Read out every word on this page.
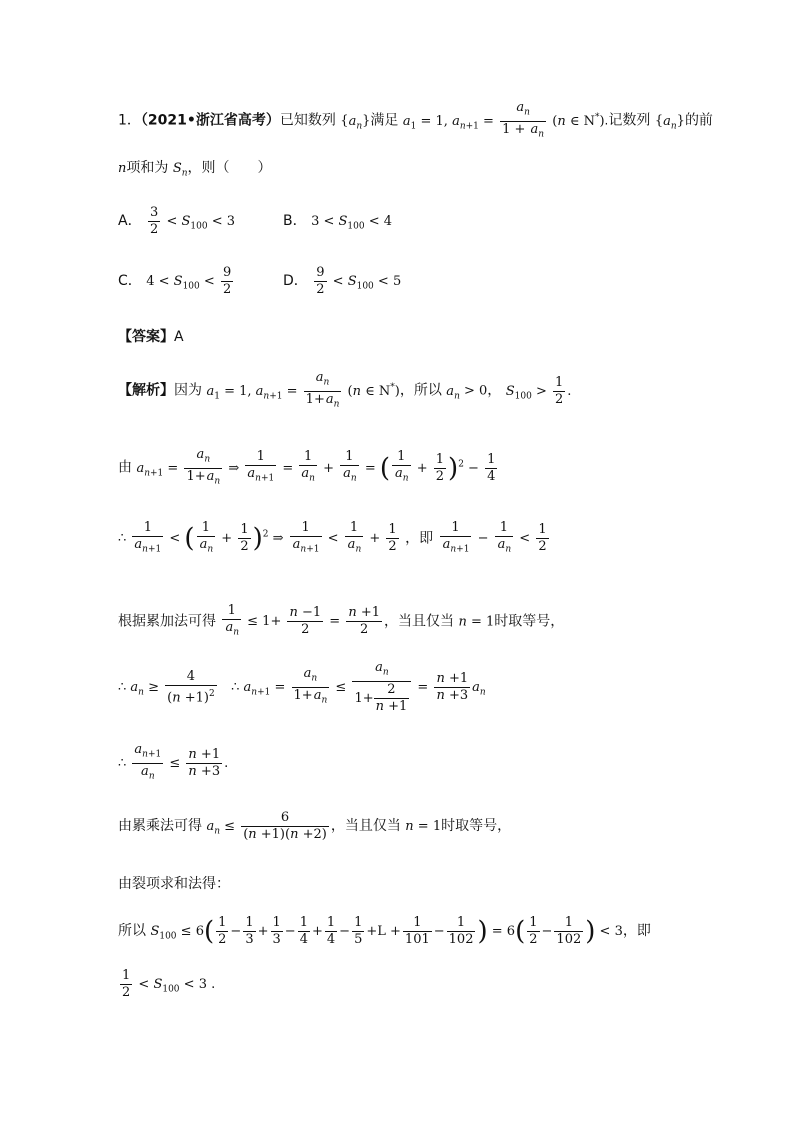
1．（2021•浙江省高考）已知数列 $\{a_n\}$满足 $a_1 = 1$, $a_{n+1} = \frac{a_n}{1 + a_n} (n$ ∈ N*).记数列 $\{a_n\}$的前
n项和为 $S_n$，则（　　）
A． $\frac{3}{2} < S_{100} < 3$	B． $3 < S_{100} < 4$
C． $4 < S_{100} < \frac{9}{2}$	D． $\frac{9}{2} < S_{100} < 5$
【答案】A
【解析】因为 $a_1 = 1$, $a_{n+1} = \frac{a_n}{1+a_n} (n$ ∈ N*)，所以 $a_n > 0$， $S_{100} > \frac{1}{2}$ .
由 $a_{n+1} = \frac{a_n}{1+a_n}$ ⇒ $\frac{1}{a_{n+1}} = \frac{1}{a_n} + \frac{1}{a_n}$ = ( $\frac{1}{a_n} + \frac{1}{2} )^2 - \frac{1}{4}$
∴ $\frac{1}{a_{n+1}}$ < ( $\frac{1}{a_n} + \frac{1}{2} )^2$ ⇒ $\frac{1}{a_{n+1}} < \frac{1}{a_n} + \frac{1}{2}$ ，即 $\frac{1}{a_{n+1}} - \frac{1}{a_n} < \frac{1}{2}$
根据累加法可得 $\frac{1}{a_n} \le 1+ \frac{n -1}{2} = \frac{n +1}{2}$ ，当且仅当 n = 1时取等号，
∴ $a_n \ge \frac{4}{(n +1)^2}$ ∴ $a_{n+1} = \frac{a_n}{1+a_n} \le \frac{a_n}{1+ \frac{2}{n +1}} = \frac{n +1}{n +3} a_n$
∴ $\frac{a_{n+1}}{a_n} \le \frac{n +1}{n +3}$ .
由累乘法可得 $a_n \le \frac{6}{(n +1)(n +2)}$ ，当且仅当 n = 1时取等号，
由裂项求和法得：
所以 $S_{100} \le 6( \frac{1}{2} - \frac{1}{3} + \frac{1}{3} - \frac{1}{4} + \frac{1}{4} - \frac{1}{5} +L + \frac{1}{101} - \frac{1}{102}$ ) = $6( \frac{1}{2} - \frac{1}{102}$ ) < 3，即
$\frac{1}{2} < S_{100} < 3$ .
